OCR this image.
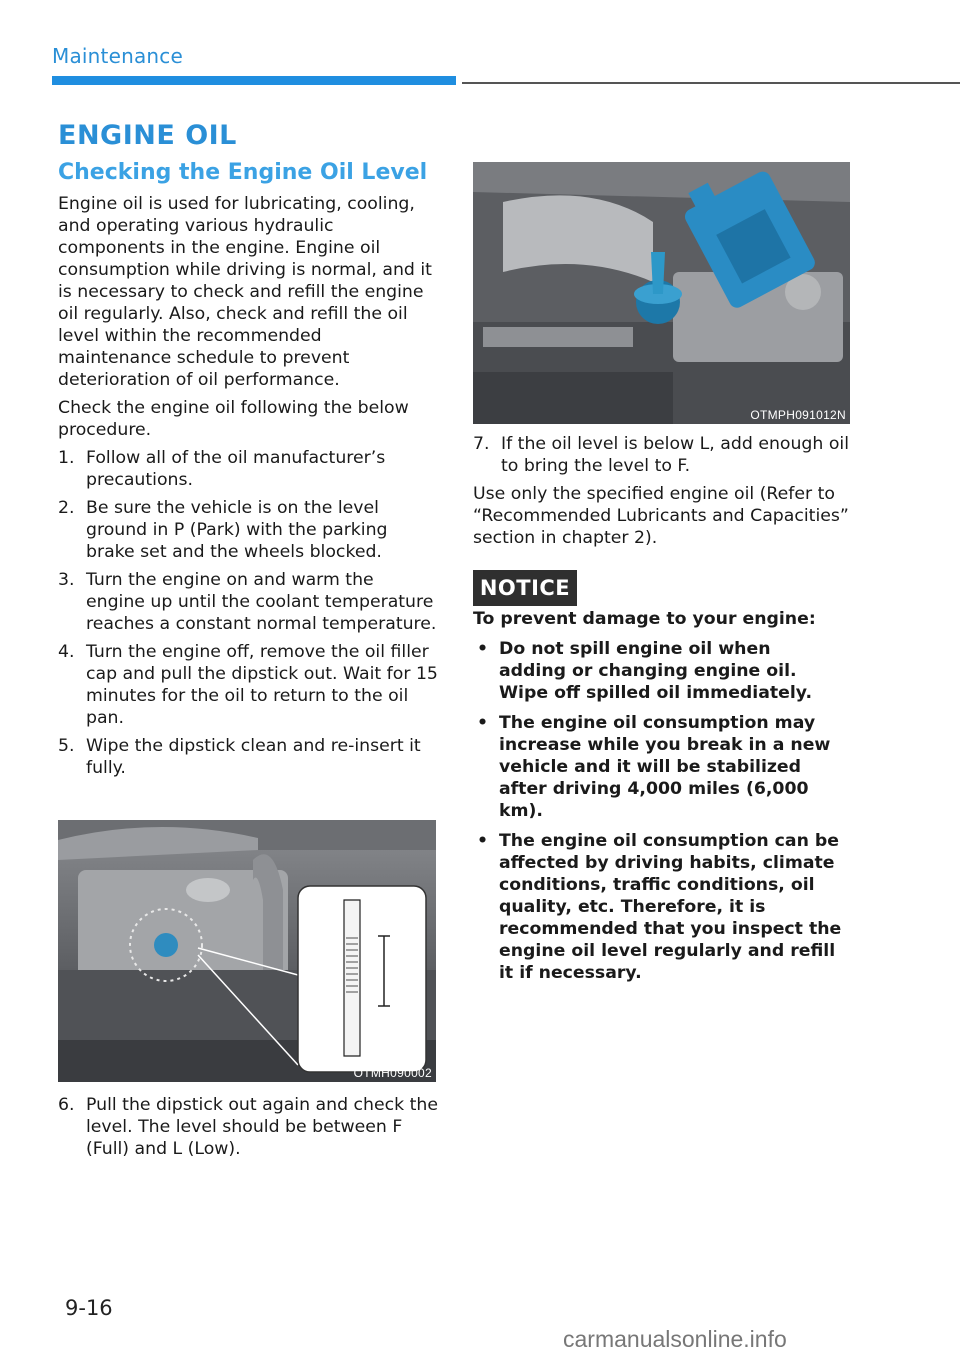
Maintenance
ENGINE OIL
Checking the Engine Oil Level

Engine oil is used for lubricating, cooling, and operating various hydraulic components in the engine. Engine oil consumption while driving is normal, and it is necessary to check and refill the engine oil regularly. Also, check and refill the oil level within the recommended maintenance schedule to prevent deterioration of oil performance.

Check the engine oil following the below procedure.

1. Follow all of the oil manufacturer’s precautions.
2. Be sure the vehicle is on the level ground in P (Park) with the parking brake set and the wheels blocked.
3. Turn the engine on and warm the engine up until the coolant temperature reaches a constant normal temperature.
4. Turn the engine off, remove the oil filler cap and pull the dipstick out. Wait for 15 minutes for the oil to return to the oil pan.
5. Wipe the dipstick clean and re-insert it fully.
OTMH090002
6. Pull the dipstick out again and check the level. The level should be between F (Full) and L (Low).
OTMPH091012N
7. If the oil level is below L, add enough oil to bring the level to F.

Use only the specified engine oil (Refer to “Recommended Lubricants and Capacities” section in chapter 2).

NOTICE

To prevent damage to your engine:

• Do not spill engine oil when adding or changing engine oil. Wipe off spilled oil immediately.
• The engine oil consumption may increase while you break in a new vehicle and it will be stabilized after driving 4,000 miles (6,000 km).
• The engine oil consumption can be affected by driving habits, climate conditions, traffic conditions, oil quality, etc. Therefore, it is recommended that you inspect the engine oil level regularly and refill it if necessary.
9-16
carmanualsonline.info
